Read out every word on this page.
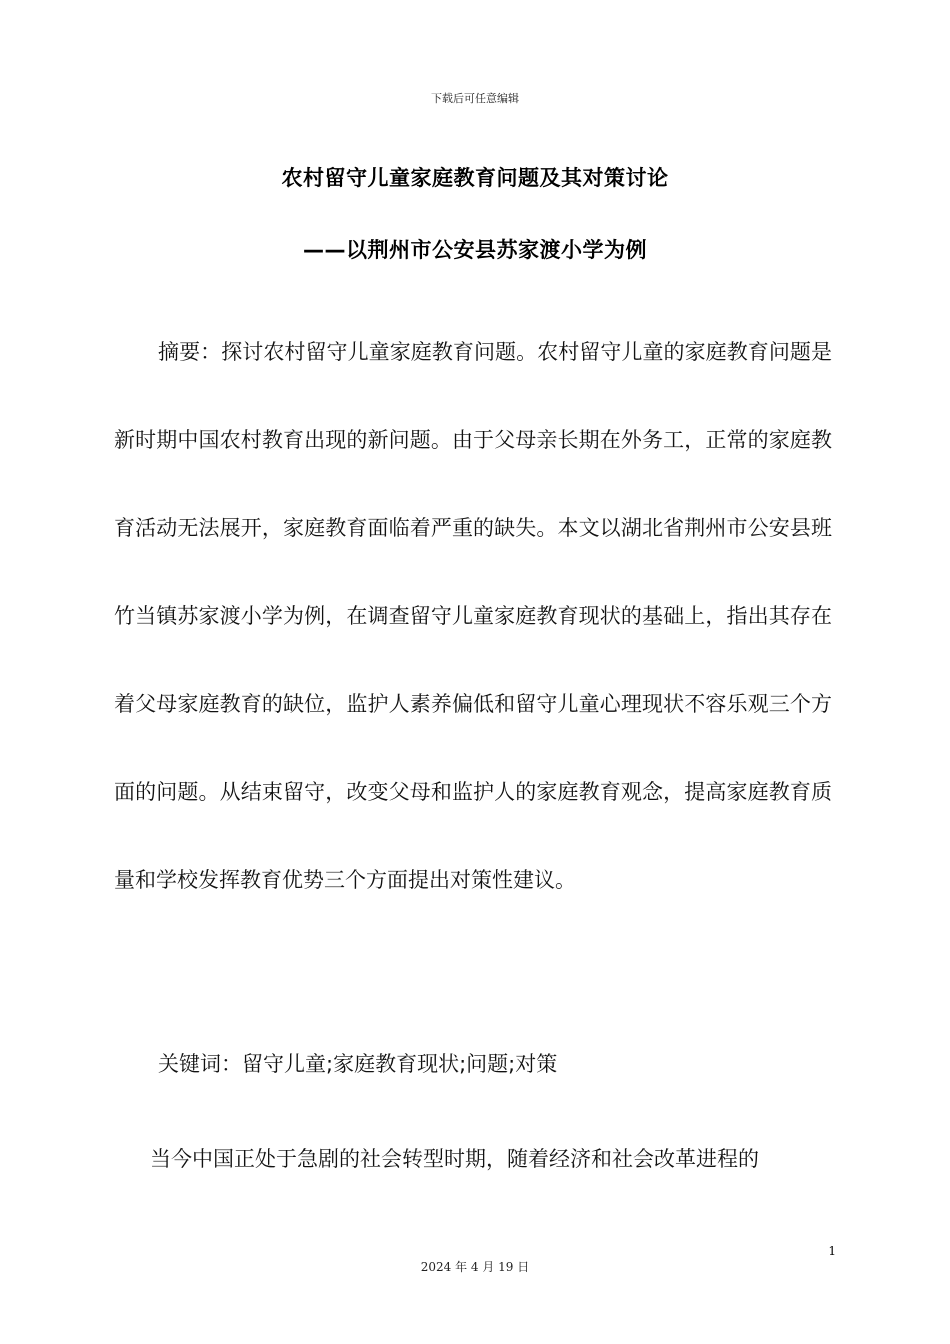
下载后可任意编辑
农村留守儿童家庭教育问题及其对策讨论
——以荆州市公安县苏家渡小学为例
摘要：探讨农村留守儿童家庭教育问题。农村留守儿童的家庭教育问题是新时期中国农村教育出现的新问题。由于父母亲长期在外务工，正常的家庭教育活动无法展开，家庭教育面临着严重的缺失。本文以湖北省荆州市公安县班竹当镇苏家渡小学为例，在调查留守儿童家庭教育现状的基础上，指出其存在着父母家庭教育的缺位，监护人素养偏低和留守儿童心理现状不容乐观三个方面的问题。从结束留守，改变父母和监护人的家庭教育观念，提高家庭教育质量和学校发挥教育优势三个方面提出对策性建议。
关键词：留守儿童;家庭教育现状;问题;对策
当今中国正处于急剧的社会转型时期，随着经济和社会改革进程的
1
2024 年 4 月 19 日
